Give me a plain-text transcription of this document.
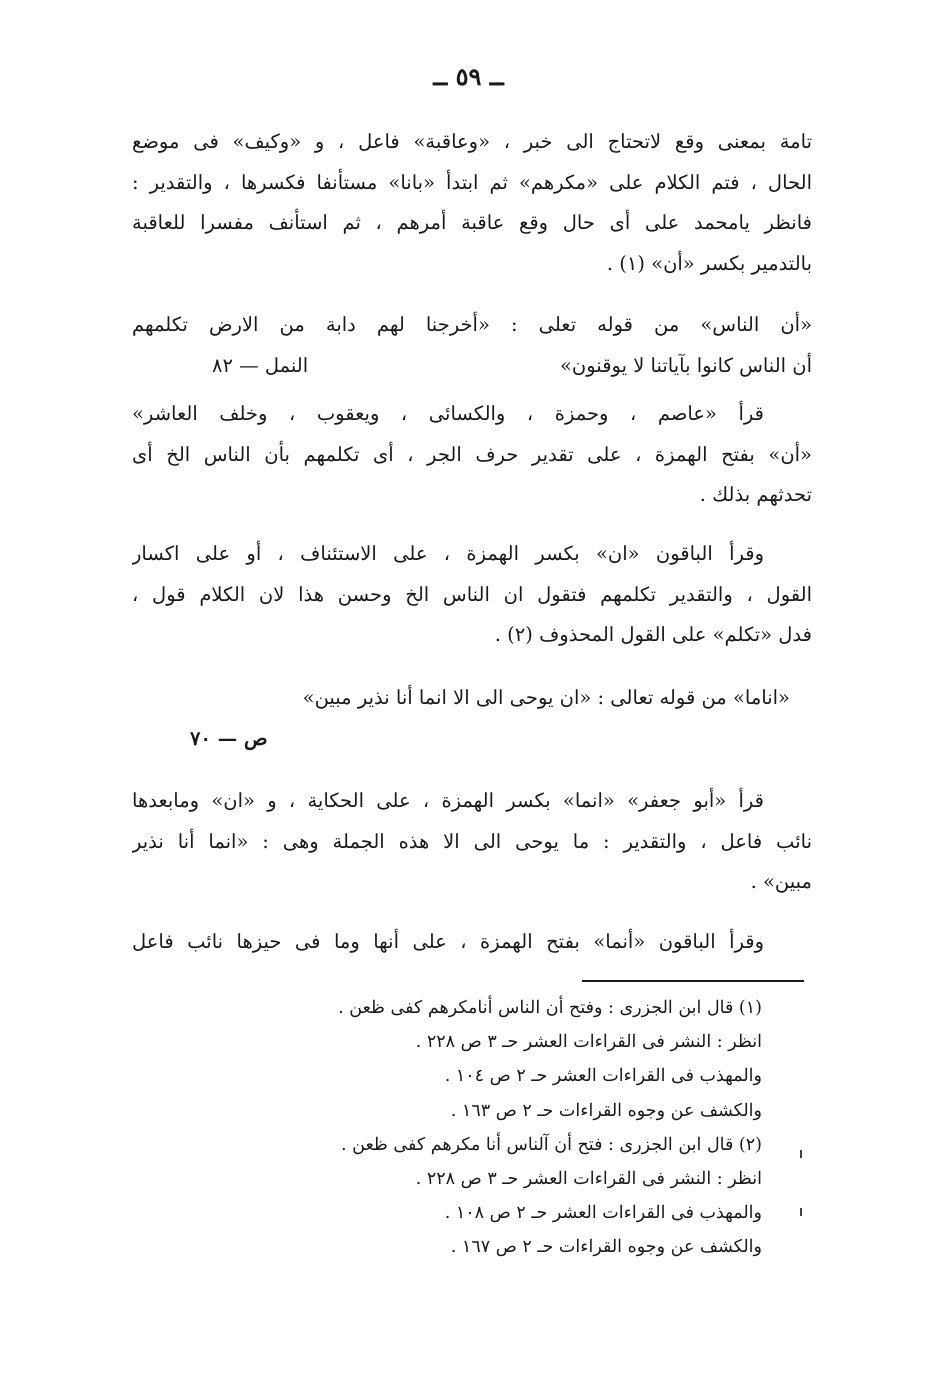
ــ ٥٩ ــ
تامة بمعنى وقع لاتحتاج الى خبر ، «وعاقبة» فاعل ، و «وكيف» فى موضع
الحال ، فتم الكلام على «مكرهم» ثم ابتدأ «بانا» مستأنفا فكسرها ، والتقدير :
فانظر يامحمد على أى حال وقع عاقبة أمرهم ، ثم استأنف مفسرا للعاقبة
بالتدمير بكسر «أن» (١) .
«أن الناس» من قوله تعلى : «أخرجنا لهم دابة من الارض تكلمهم
أن الناس كانوا بآياتنا لا يوقنون»
النمل — ٨٢
قرأ «عاصم ، وحمزة ، والكسائى ، ويعقوب ، وخلف العاشر»
«أن» بفتح الهمزة ، على تقدير حرف الجر ، أى تكلمهم بأن الناس الخ أى
تحدثهم بذلك .
وقرأ الباقون «ان» بكسر الهمزة ، على الاستئناف ، أو على اكسار
القول ، والتقدير تكلمهم فتقول ان الناس الخ وحسن هذا لان الكلام قول ،
فدل «تكلم» على القول المحذوف (٢) .
«اناما» من قوله تعالى : «ان يوحى الى الا انما أنا نذير مبين»
ص — ٧٠
قرأ «أبو جعفر» «انما» بكسر الهمزة ، على الحكاية ، و «ان» ومابعدها
نائب فاعل ، والتقدير : ما يوحى الى الا هذه الجملة وهى : «انما أنا نذير
مبين» .
وقرأ الباقون «أنما» بفتح الهمزة ، على أنها وما فى حيزها نائب فاعل
(١) قال ابن الجزرى : وفتح أن الناس أنامكرهم كفى ظعن .
انظر : النشر فى القراءات العشر حـ ٣ ص ٢٢٨ .
والمهذب فى القراءات العشر حـ ٢ ص ١٠٤ .
والكشف عن وجوه القراءات حـ ٢ ص ١٦٣ .
(٢) قال ابن الجزرى : فتح أن آلناس أنا مكرهم كفى ظعن .
انظر : النشر فى القراءات العشر حـ ٣ ص ٢٢٨ .
والمهذب فى القراءات العشر حـ ٢ ص ١٠٨ .
والكشف عن وجوه القراءات حـ ٢ ص ١٦٧ .
